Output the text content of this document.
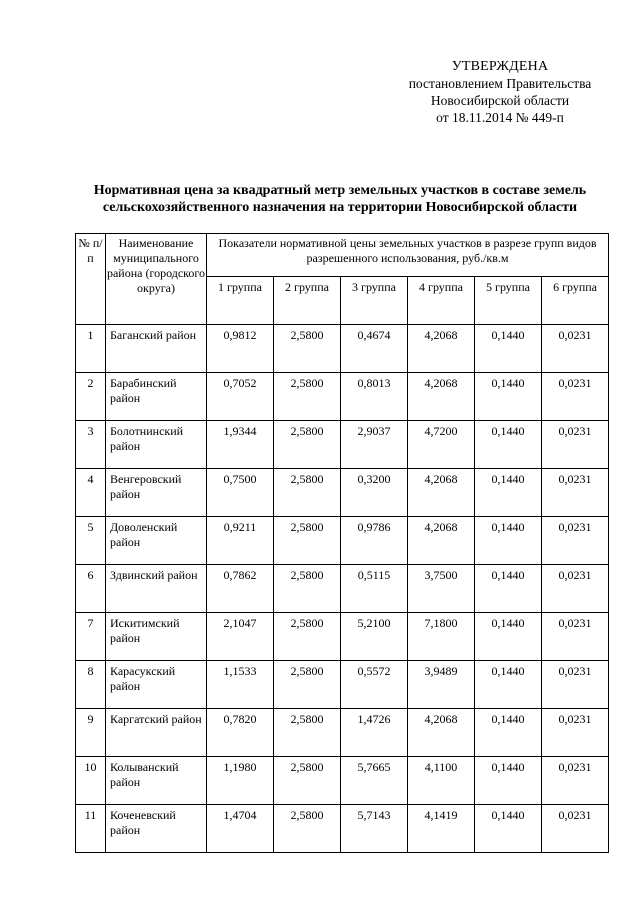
УТВЕРЖДЕНА
постановлением Правительства
Новосибирской области
от 18.11.2014 № 449-п
Нормативная цена за квадратный метр земельных участков в составе земель
сельскохозяйственного назначения на территории Новосибирской области
№ п/п	Наименование муниципального района (городского округа)	Показатели нормативной цены земельных участков в разрезе групп видов разрешенного использования, руб./кв.м					
		1 группа	2 группа	3 группа	4 группа	5 группа	6 группа
1	Баганский район	0,9812	2,5800	0,4674	4,2068	0,1440	0,0231
2	Барабинский район	0,7052	2,5800	0,8013	4,2068	0,1440	0,0231
3	Болотнинский район	1,9344	2,5800	2,9037	4,7200	0,1440	0,0231
4	Венгеровский район	0,7500	2,5800	0,3200	4,2068	0,1440	0,0231
5	Доволенский район	0,9211	2,5800	0,9786	4,2068	0,1440	0,0231
6	Здвинский район	0,7862	2,5800	0,5115	3,7500	0,1440	0,0231
7	Искитимский район	2,1047	2,5800	5,2100	7,1800	0,1440	0,0231
8	Карасукский район	1,1533	2,5800	0,5572	3,9489	0,1440	0,0231
9	Каргатский район	0,7820	2,5800	1,4726	4,2068	0,1440	0,0231
10	Колыванский район	1,1980	2,5800	5,7665	4,1100	0,1440	0,0231
11	Коченевский район	1,4704	2,5800	5,7143	4,1419	0,1440	0,0231
